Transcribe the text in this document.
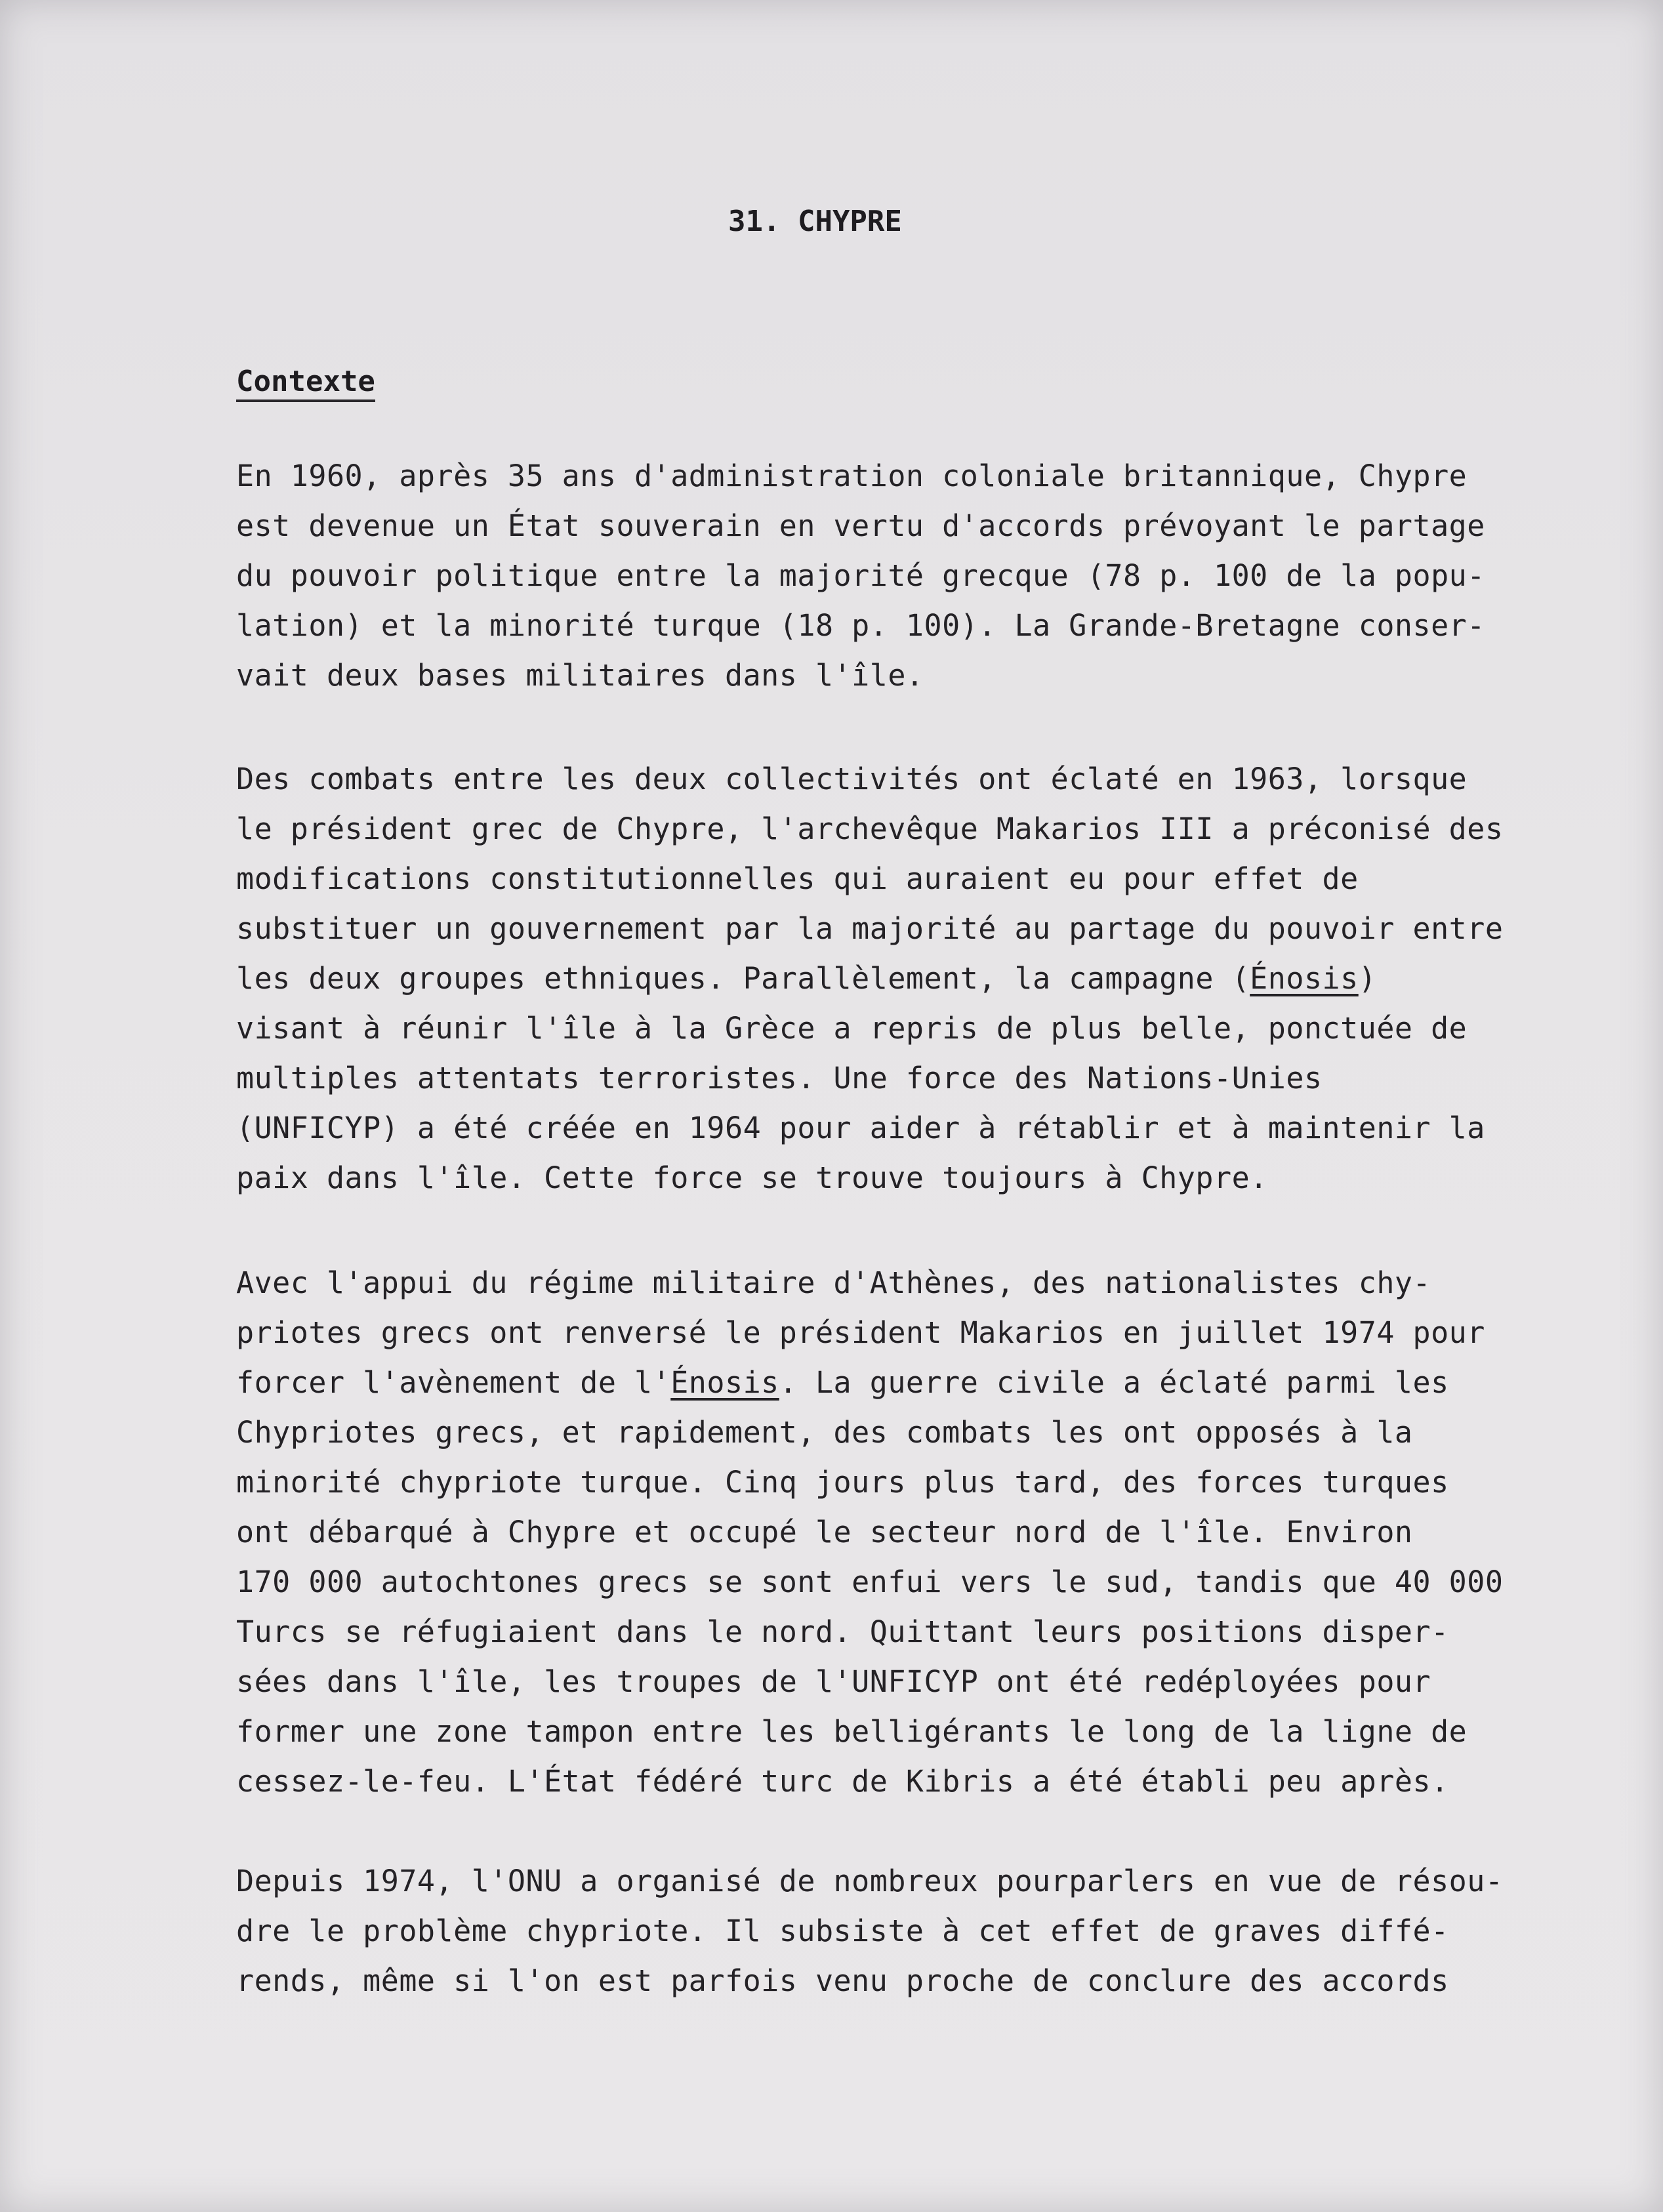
31. CHYPRE
Contexte
En 1960, après 35 ans d'administration coloniale britannique, Chypre
est devenue un État souverain en vertu d'accords prévoyant le partage
du pouvoir politique entre la majorité grecque (78 p. 100 de la popu-
lation) et la minorité turque (18 p. 100). La Grande-Bretagne conser-
vait deux bases militaires dans l'île.
Des combats entre les deux collectivités ont éclaté en 1963, lorsque
le président grec de Chypre, l'archevêque Makarios III a préconisé des
modifications constitutionnelles qui auraient eu pour effet de
substituer un gouvernement par la majorité au partage du pouvoir entre
les deux groupes ethniques. Parallèlement, la campagne (Énosis)
visant à réunir l'île à la Grèce a repris de plus belle, ponctuée de
multiples attentats terroristes. Une force des Nations-Unies
(UNFICYP) a été créée en 1964 pour aider à rétablir et à maintenir la
paix dans l'île. Cette force se trouve toujours à Chypre.
Avec l'appui du régime militaire d'Athènes, des nationalistes chy-
priotes grecs ont renversé le président Makarios en juillet 1974 pour
forcer l'avènement de l'Énosis. La guerre civile a éclaté parmi les
Chypriotes grecs, et rapidement, des combats les ont opposés à la
minorité chypriote turque. Cinq jours plus tard, des forces turques
ont débarqué à Chypre et occupé le secteur nord de l'île. Environ
170 000 autochtones grecs se sont enfui vers le sud, tandis que 40 000
Turcs se réfugiaient dans le nord. Quittant leurs positions disper-
sées dans l'île, les troupes de l'UNFICYP ont été redéployées pour
former une zone tampon entre les belligérants le long de la ligne de
cessez-le-feu. L'État fédéré turc de Kibris a été établi peu après.
Depuis 1974, l'ONU a organisé de nombreux pourparlers en vue de résou-
dre le problème chypriote. Il subsiste à cet effet de graves diffé-
rends, même si l'on est parfois venu proche de conclure des accords
